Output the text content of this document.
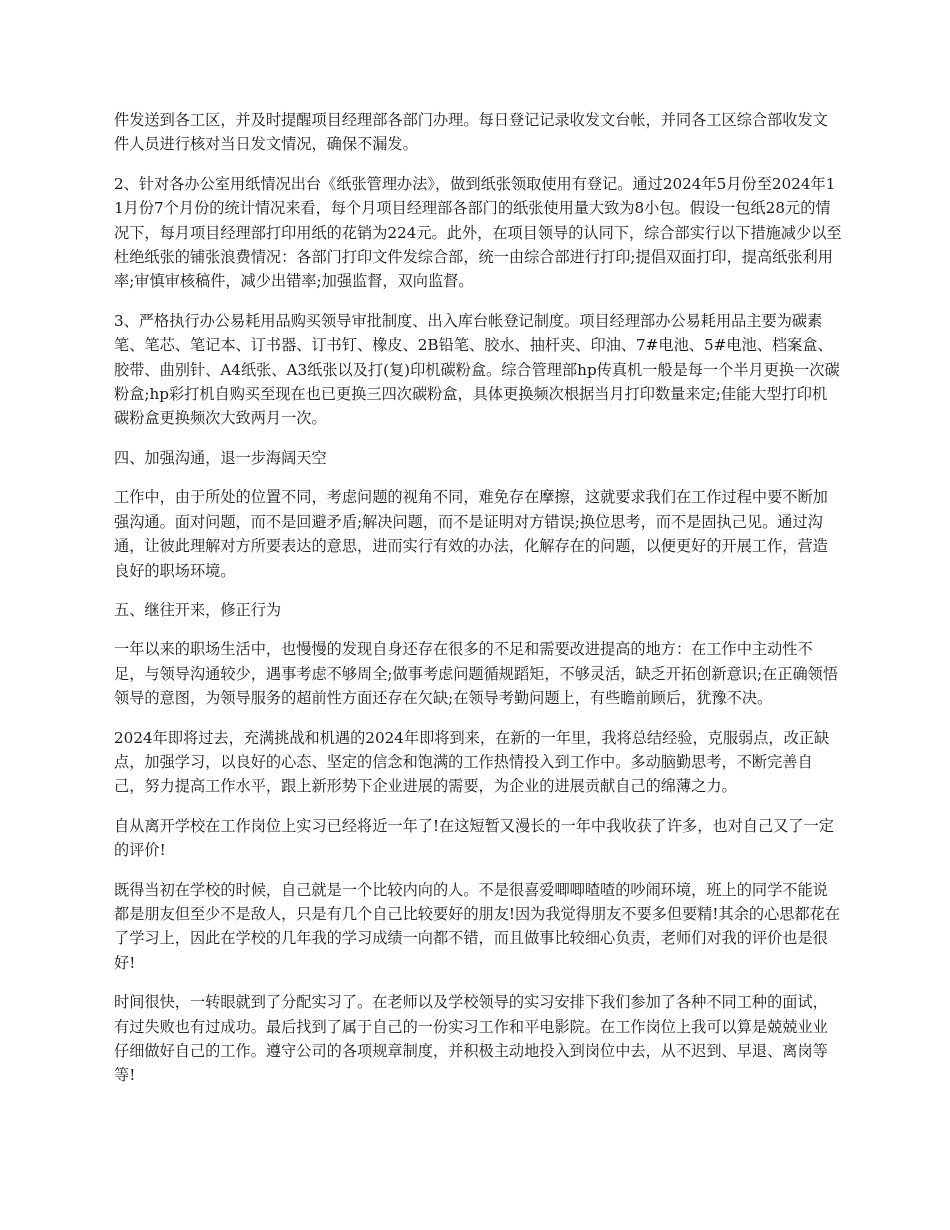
件发送到各工区，并及时提醒项目经理部各部门办理。每日登记记录收发文台帐，并同各工区综合部收发文件人员进行核对当日发文情况，确保不漏发。

2、针对各办公室用纸情况出台《纸张管理办法》，做到纸张领取使用有登记。通过2024年5月份至2024年11月份7个月份的统计情况来看，每个月项目经理部各部门的纸张使用量大致为8小包。假设一包纸28元的情况下，每月项目经理部打印用纸的花销为224元。此外，在项目领导的认同下，综合部实行以下措施减少以至杜绝纸张的铺张浪费情况：各部门打印文件发综合部，统一由综合部进行打印;提倡双面打印，提高纸张利用率;审慎审核稿件，减少出错率;加强监督，双向监督。

3、严格执行办公易耗用品购买领导审批制度、出入库台帐登记制度。项目经理部办公易耗用品主要为碳素笔、笔芯、笔记本、订书器、订书钉、橡皮、2B铅笔、胶水、抽杆夹、印油、7#电池、5#电池、档案盒、胶带、曲别针、A4纸张、A3纸张以及打(复)印机碳粉盒。综合管理部hp传真机一般是每一个半月更换一次碳粉盒;hp彩打机自购买至现在也已更换三四次碳粉盒，具体更换频次根据当月打印数量来定;佳能大型打印机碳粉盒更换频次大致两月一次。

四、加强沟通，退一步海阔天空

工作中，由于所处的位置不同，考虑问题的视角不同，难免存在摩擦，这就要求我们在工作过程中要不断加强沟通。面对问题，而不是回避矛盾;解决问题，而不是证明对方错误;换位思考，而不是固执己见。通过沟通，让彼此理解对方所要表达的意思，进而实行有效的办法，化解存在的问题，以便更好的开展工作，营造良好的职场环境。

五、继往开来，修正行为

一年以来的职场生活中，也慢慢的发现自身还存在很多的不足和需要改进提高的地方：在工作中主动性不足，与领导沟通较少，遇事考虑不够周全;做事考虑问题循规蹈矩，不够灵活，缺乏开拓创新意识;在正确领悟领导的意图，为领导服务的超前性方面还存在欠缺;在领导考勤问题上，有些瞻前顾后，犹豫不决。

2024年即将过去，充满挑战和机遇的2024年即将到来，在新的一年里，我将总结经验，克服弱点，改正缺点，加强学习，以良好的心态、坚定的信念和饱满的工作热情投入到工作中。多动脑勤思考，不断完善自己，努力提高工作水平，跟上新形势下企业进展的需要，为企业的进展贡献自己的绵薄之力。

自从离开学校在工作岗位上实习已经将近一年了!在这短暂又漫长的一年中我收获了许多，也对自己又了一定的评价!

既得当初在学校的时候，自己就是一个比较内向的人。不是很喜爱唧唧喳喳的吵闹环境，班上的同学不能说都是朋友但至少不是敌人，只是有几个自己比较要好的朋友!因为我觉得朋友不要多但要精!其余的心思都花在了学习上，因此在学校的几年我的学习成绩一向都不错，而且做事比较细心负责，老师们对我的评价也是很好!

时间很快，一转眼就到了分配实习了。在老师以及学校领导的实习安排下我们参加了各种不同工种的面试，有过失败也有过成功。最后找到了属于自己的一份实习工作和平电影院。在工作岗位上我可以算是兢兢业业仔细做好自己的工作。遵守公司的各项规章制度，并积极主动地投入到岗位中去，从不迟到、早退、离岗等等!
